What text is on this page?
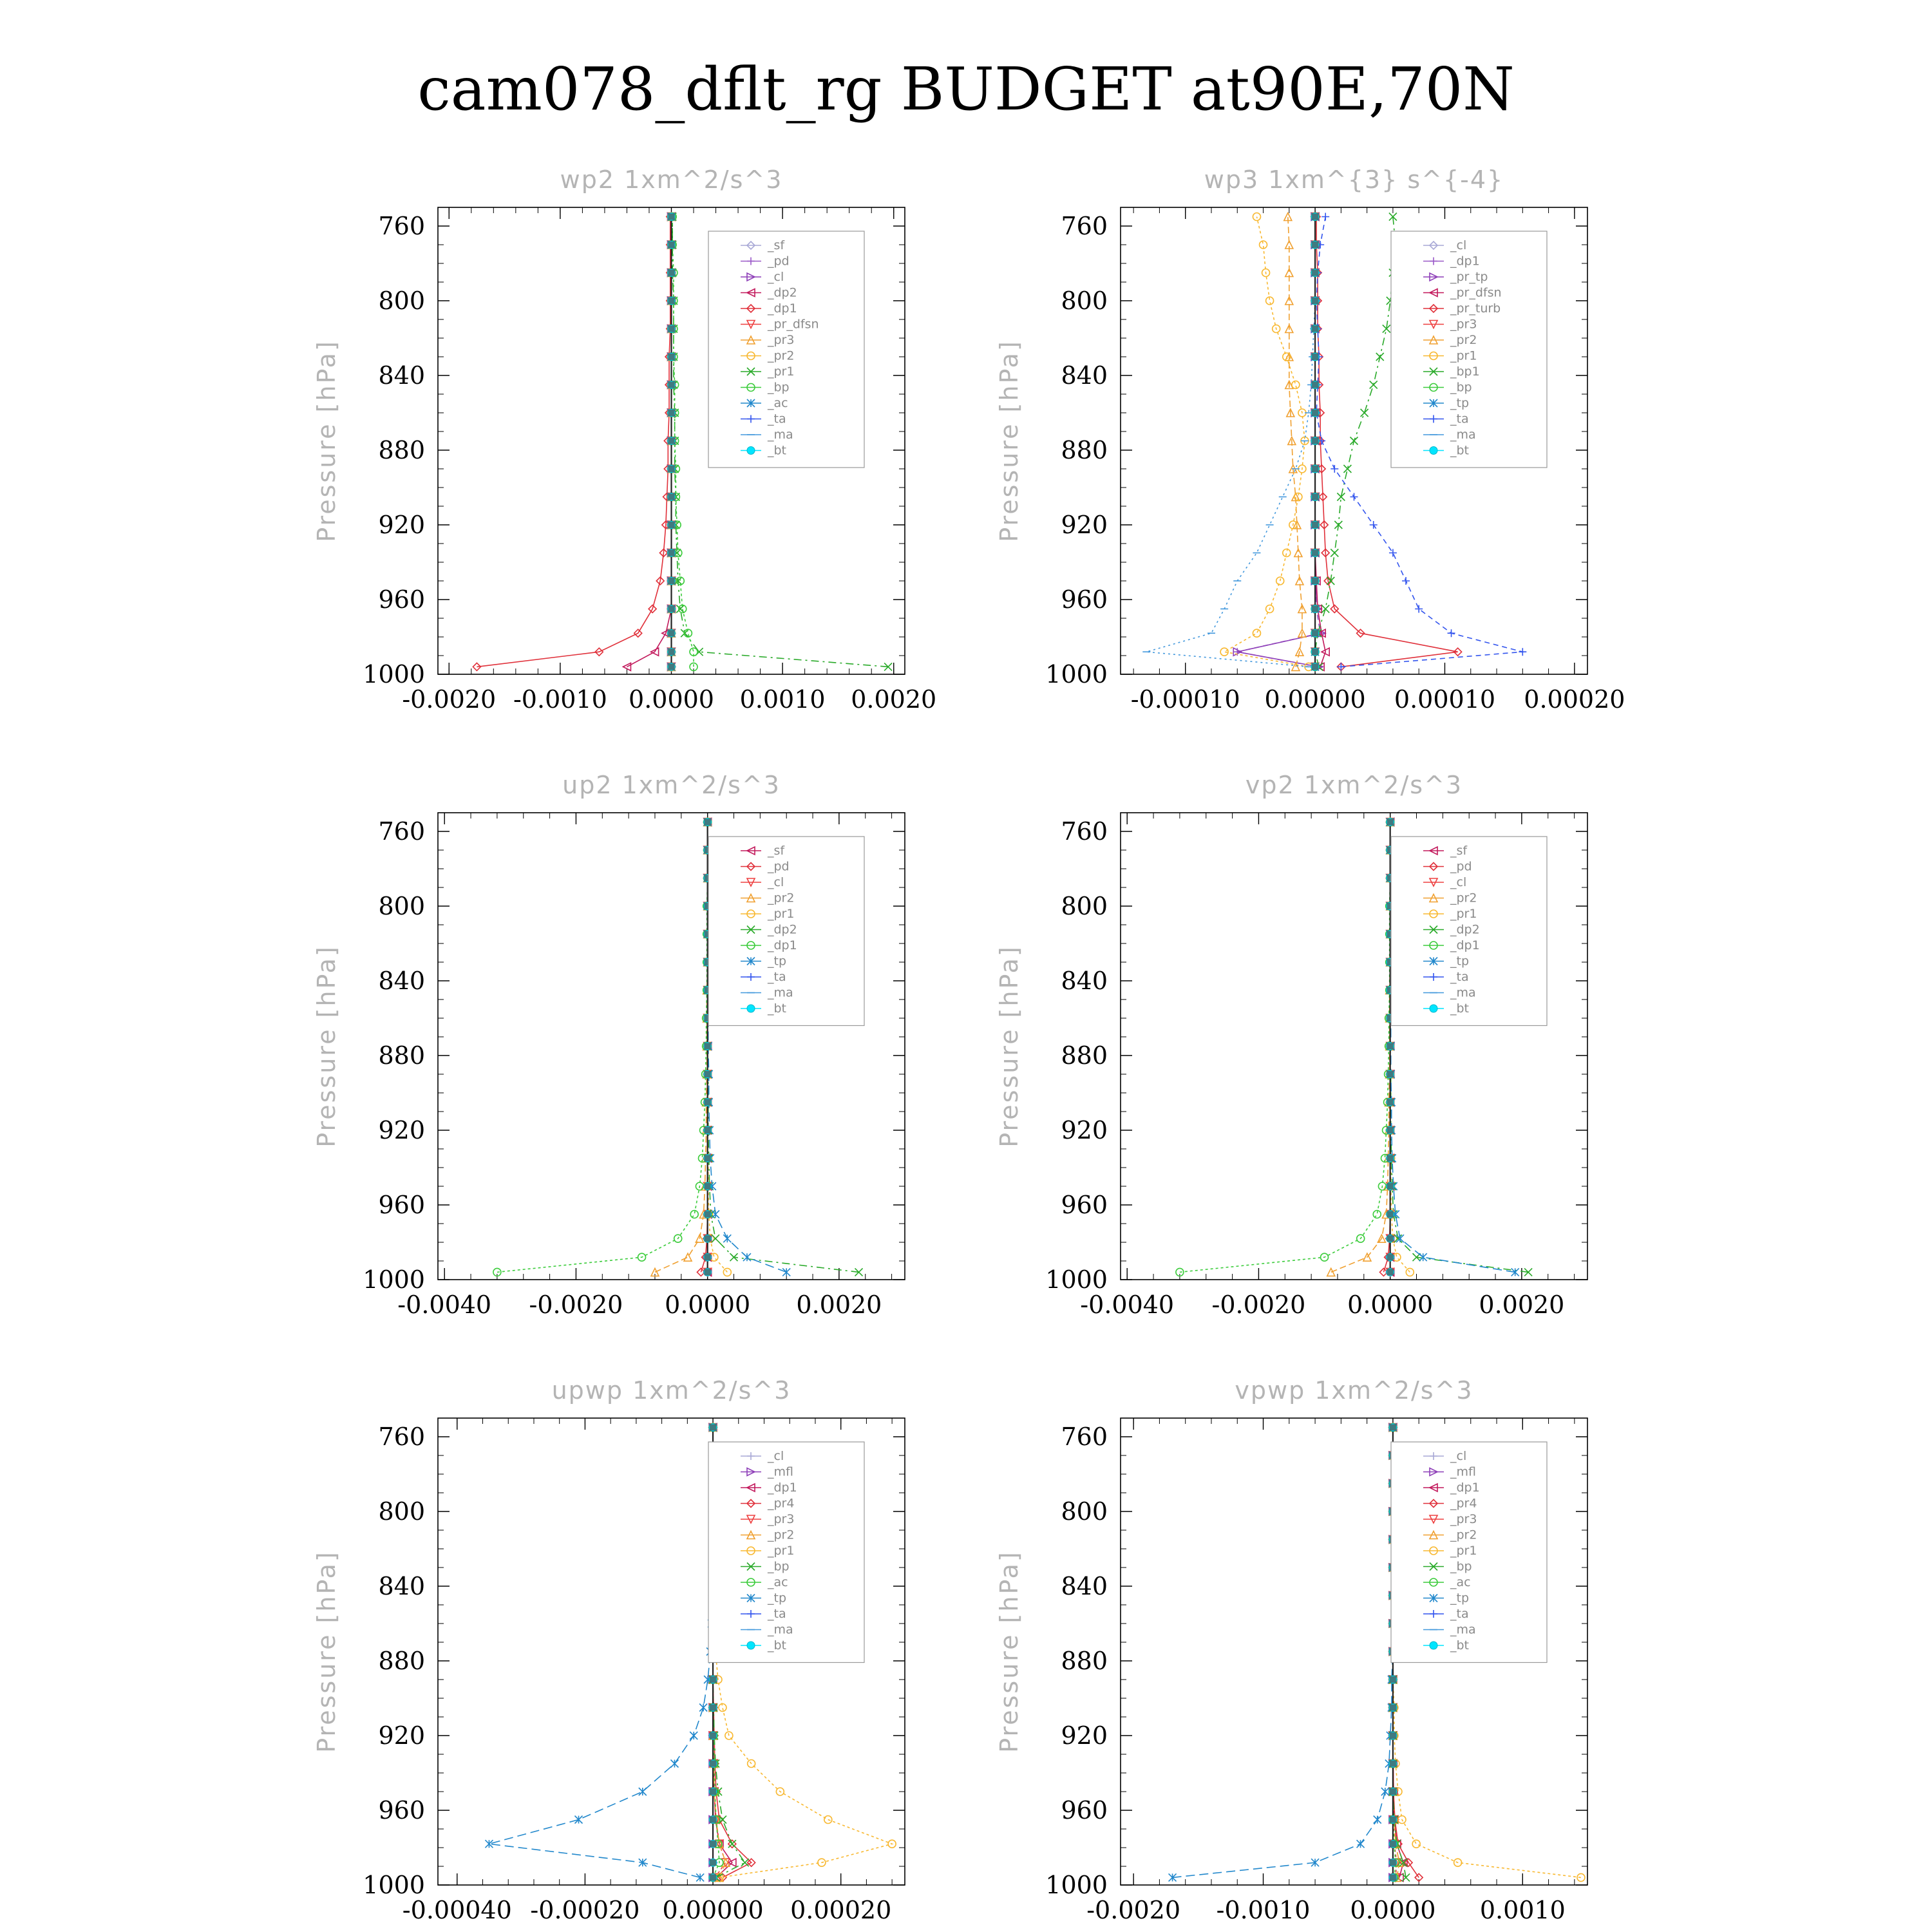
cam078_dflt_rg BUDGET at90E,70N
wp2 1xm^2/s^3
Pressure [hPa]
760
800
840
880
920
960
1000
-0.0020 -0.0010 0.0000 0.0010 0.0020
_sf
_pd
_cl
_dp2
_dp1
_pr_dfsn
_pr3
_pr2
_pr1
_bp
_ac
_ta
_ma
_bt
wp3 1xm^{3} s^{-4}
Pressure [hPa]
760
800
840
880
920
960
1000
-0.00010 0.00000 0.00010 0.00020
_cl
_dp1
_pr_tp
_pr_dfsn
_pr_turb
_pr3
_pr2
_pr1
_bp1
_bp
_tp
_ta
_ma
_bt
up2 1xm^2/s^3
Pressure [hPa]
760
800
840
880
920
960
1000
-0.0040 -0.0020 0.0000 0.0020
_sf
_pd
_cl
_pr2
_pr1
_dp2
_dp1
_tp
_ta
_ma
_bt
vp2 1xm^2/s^3
Pressure [hPa]
760
800
840
880
920
960
1000
-0.0040 -0.0020 0.0000 0.0020
_sf
_pd
_cl
_pr2
_pr1
_dp2
_dp1
_tp
_ta
_ma
_bt
upwp 1xm^2/s^3
Pressure [hPa]
760
800
840
880
920
960
1000
-0.00040 -0.00020 0.00000 0.00020
_cl
_mfl
_dp1
_pr4
_pr3
_pr2
_pr1
_bp
_ac
_tp
_ta
_ma
_bt
vpwp 1xm^2/s^3
Pressure [hPa]
760
800
840
880
920
960
1000
-0.0020 -0.0010 0.0000 0.0010
_cl
_mfl
_dp1
_pr4
_pr3
_pr2
_pr1
_bp
_ac
_tp
_ta
_ma
_bt
